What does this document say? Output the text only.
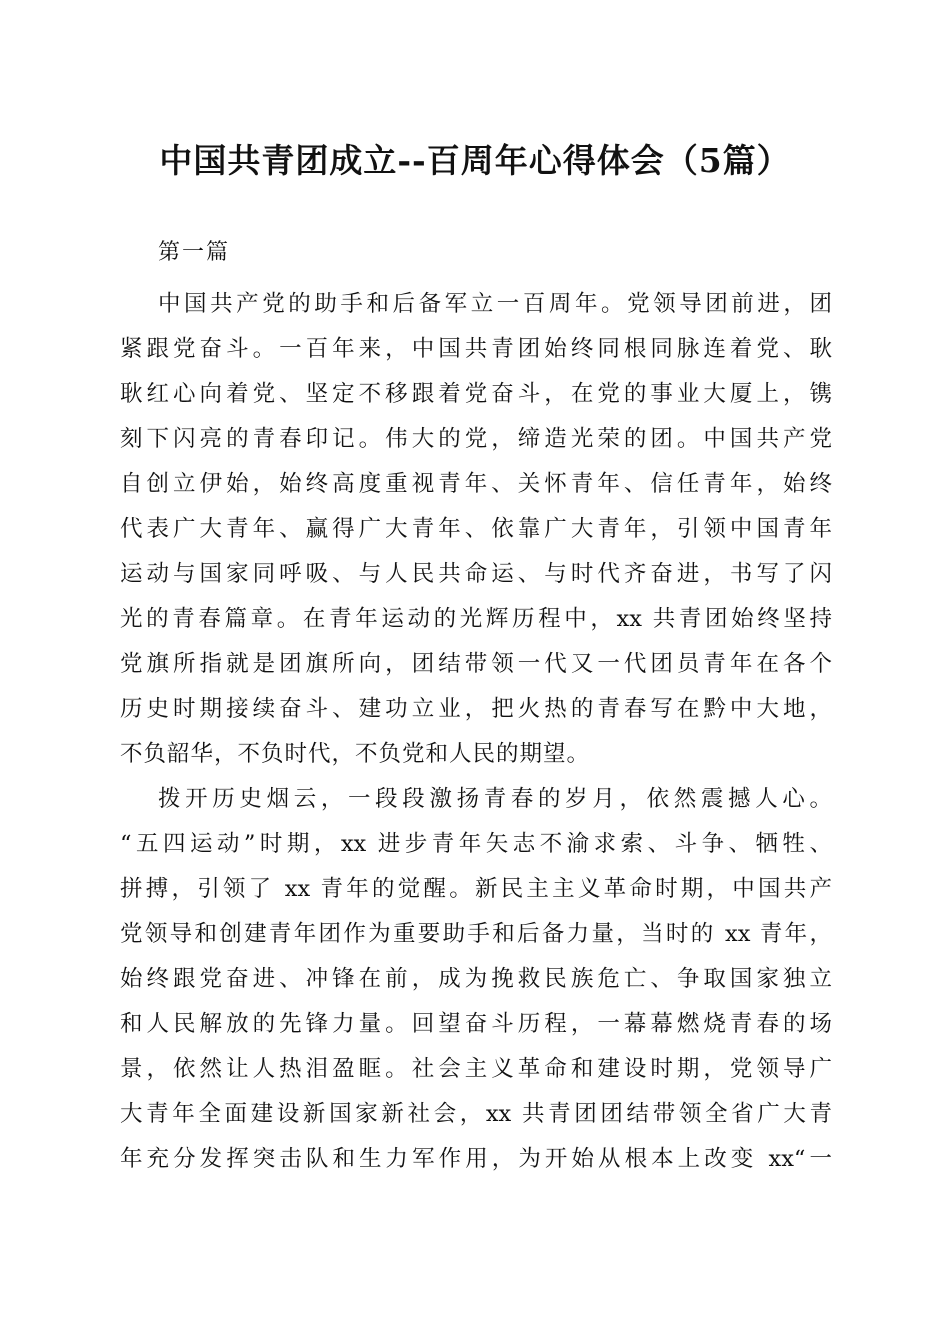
中国共青团成立--百周年心得体会（5篇）

第一篇

中国共产党的助手和后备军立一百周年。党领导团前进，团
紧跟党奋斗。一百年来，中国共青团始终同根同脉连着党、耿
耿红心向着党、坚定不移跟着党奋斗，在党的事业大厦上，镌
刻下闪亮的青春印记。伟大的党，缔造光荣的团。中国共产党
自创立伊始，始终高度重视青年、关怀青年、信任青年，始终
代表广大青年、赢得广大青年、依靠广大青年，引领中国青年
运动与国家同呼吸、与人民共命运、与时代齐奋进，书写了闪
光的青春篇章。在青年运动的光辉历程中，xx 共青团始终坚持
党旗所指就是团旗所向，团结带领一代又一代团员青年在各个
历史时期接续奋斗、建功立业，把火热的青春写在黔中大地，
不负韶华，不负时代，不负党和人民的期望。
拨开历史烟云，一段段激扬青春的岁月，依然震撼人心。
“五四运动”时期，xx 进步青年矢志不渝求索、斗争、牺牲、
拼搏，引领了 xx 青年的觉醒。新民主主义革命时期，中国共产
党领导和创建青年团作为重要助手和后备力量，当时的 xx 青年，
始终跟党奋进、冲锋在前，成为挽救民族危亡、争取国家独立
和人民解放的先锋力量。回望奋斗历程，一幕幕燃烧青春的场
景，依然让人热泪盈眶。社会主义革命和建设时期，党领导广
大青年全面建设新国家新社会，xx 共青团团结带领全省广大青
年充分发挥突击队和生力军作用，为开始从根本上改变 xx“一
